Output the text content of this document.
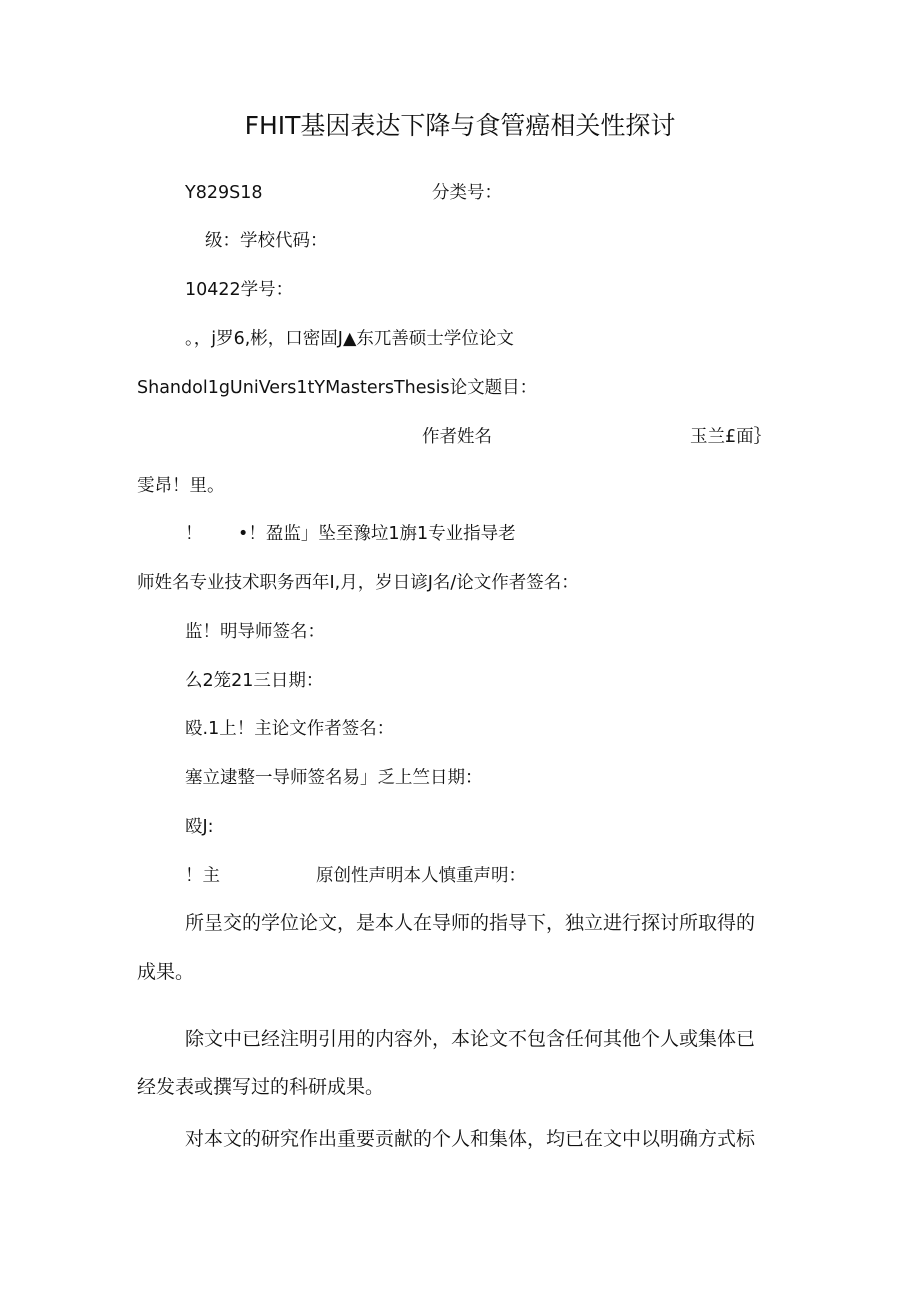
FHIT基因表达下降与食管癌相关性探讨
Y829S18	分类号：
级：学校代码：
10422学号：
。，j罗6,彬，口密固J▲东兀善硕士学位论文
Shandol1gUniVers1tYMastersThesis论文题目：
作者姓名	玉兰£面｝
雯昂！里。
！ •！盈监」坠至豫垃1旃1专业指导老
师姓名专业技术职务西年I,月，岁日谚J名/论文作者签名：
监！明导师签名：
么2笼21三日期：
殴.1上！主论文作者签名：
塞立逮整一导师签名易」乏上竺日期：
殴J:
！主	原创性声明本人慎重声明：
所呈交的学位论文，是本人在导师的指导下，独立进行探讨所取得的
成果。
除文中已经注明引用的内容外，本论文不包含任何其他个人或集体已
经发表或撰写过的科研成果。
对本文的研究作出重要贡献的个人和集体，均已在文中以明确方式标
